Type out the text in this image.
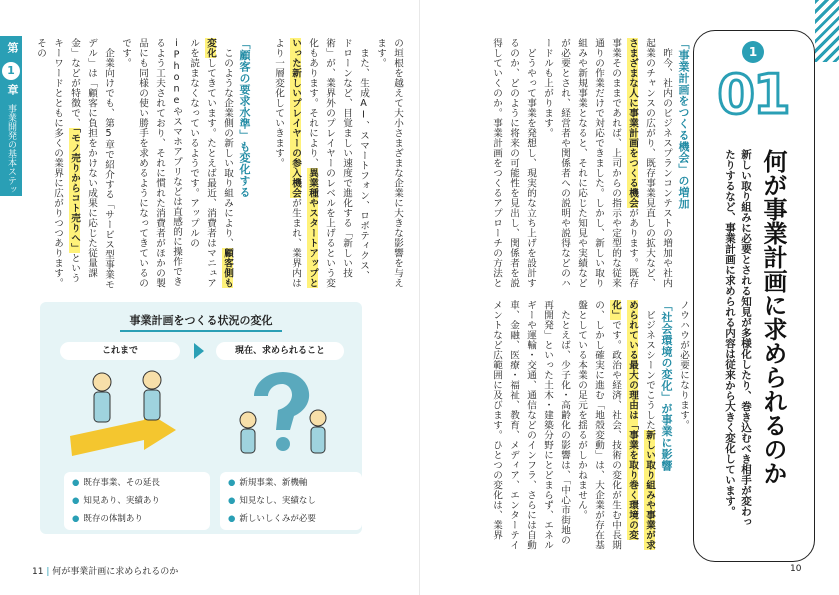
第
1
章
事業開発の基本ステッ	の垣根を越えて大小さまざまな企業に大きな影響を与えます。
　また、生成AI、スマートフォン、ロボティクス、ドローンなど、目覚ましい速度で進化する「新しい技術」が、業界外のプレイヤーのレベルを上げるという変化もあります。それにより、異業種やスタートアップといった新しいプレイヤーの参入機会が生まれ、業界内はより一層変化していきます。

「顧客の要求水準」も変化する
　このような企業側の新しい取り組みにより、顧客側も変化してきています。たとえば最近、消費者はマニュアルを読まなくなっているようです。アップルのiPhoneやスマホアプリなどは直感的に操作できるよう工夫されており、それに慣れた消費者がほかの製品にも同様の使い勝手を求めるようになってきているのです。
　企業向けでも、第5章で紹介する「サービス型事業モデル」は「顧客に負担をかけない成果に応じた従量課金」などが特徴で、「モノ売りからコト売りへ」というキーワードとともに多くの業界に広がりつつあります。その
事業計画をつくる状況の変化
これまで	現在、求められること
● 既存事業、その延長
● 知見あり、実績あり
● 既存の体制あり
● 新規事業、新機軸
● 知見なし、実績なし
● 新しいしくみが必要
11 | 何が事業計画に求められるのか
「事業計画をつくる機会」の増加
　昨今、社内のビジネスプランコンテストの増加や社内起業のチャンスの広がり、既存事業見直しの拡大など、さまざまな人に事業計画をつくる機会があります。既存事業そのままであれば、上司からの指示や定型的な従来通りの作業だけで対応できました。しかし、新しい取り組みや新規事業となると、それに応じた知見や実績などが必要とされ、経営者や関係者への説明や説得などのハードルも上がります。
　どうやって事業を発想し、現実的な立ち上げを設計するのか、どのように将来の可能性を見出し、関係者を説得していくのか。事業計画をつくるアプローチの方法と
ノウハウが必要になります。
「社会環境の変化」が事業に影響
　ビジネスシーンでこうした新しい取り組みや事業が求められている最大の理由は「事業を取り巻く環境の変化」です。政治や経済、社会、技術の変化が生む中長期の、しかし確実に進む「地殻変動」は、大企業が存在基盤としている本業の足元を揺るがしかねません。
　たとえば、少子化・高齢化の影響は、「中心市街地の再開発」といった土木・建築分野にとどまらず、エネルギーや運輸・交通、通信などのインフラ、さらには自動車、金融、医療・福祉、教育、メディア、エンターテイメントなど広範囲に及びます。ひとつの変化は、業界
10
1
01
何が事業計画に求められるのか
新しい取り組みに必要とされる知見が多様化したり、巻き込むべき相手が変わったりするなど、事業計画に求められる内容は従来から大きく変化しています。
